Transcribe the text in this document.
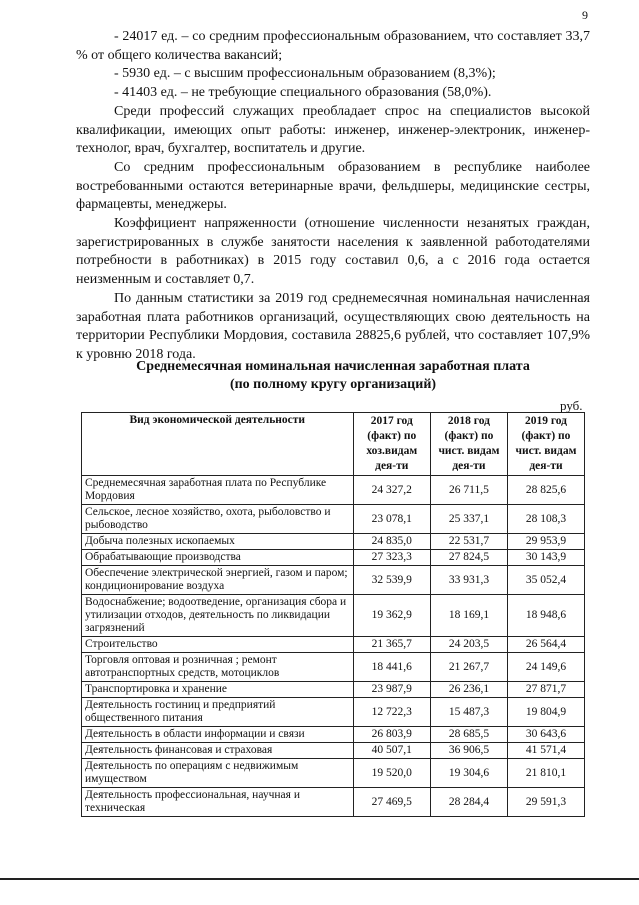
9

- 24017 ед. – со средним профессиональным образованием, что составляет 33,7 % от общего количества вакансий;

- 5930 ед. – с высшим профессиональным образованием (8,3%);

- 41403 ед. – не требующие специального образования (58,0%).

Среди профессий служащих преобладает спрос на специалистов высокой квалификации, имеющих опыт работы: инженер, инженер-электроник, инженер-технолог, врач, бухгалтер, воспитатель и другие.

Со средним профессиональным образованием в республике наиболее востребованными остаются ветеринарные врачи, фельдшеры, медицинские сестры, фармацевты, менеджеры.

Коэффициент напряженности (отношение численности незанятых граждан, зарегистрированных в службе занятости населения к заявленной работодателями потребности в работниках) в 2015 году составил 0,6, а с 2016 года остается неизменным и составляет 0,7.

По данным статистики за 2019 год среднемесячная номинальная начисленная заработная плата работников организаций, осуществляющих свою деятельность на территории Республики Мордовия, составила 28825,6 рублей, что составляет 107,9% к уровню 2018 года.

Среднемесячная номинальная начисленная заработная плата
(по полному кругу организаций)
руб.
Вид экономической деятельности	2017 год (факт) по хоз.видам дея-ти	2018 год (факт) по чист. видам дея-ти	2019 год (факт) по чист. видам дея-ти
Среднемесячная заработная плата по Республике Мордовия	24 327,2	26 711,5	28 825,6
Сельское, лесное хозяйство, охота, рыболовство и рыбоводство	23 078,1	25 337,1	28 108,3
Добыча полезных ископаемых	24 835,0	22 531,7	29 953,9
Обрабатывающие производства	27 323,3	27 824,5	30 143,9
Обеспечение электрической энергией, газом и паром; кондиционирование воздуха	32 539,9	33 931,3	35 052,4
Водоснабжение; водоотведение, организация сбора и утилизации отходов, деятельность по ликвидации загрязнений	19 362,9	18 169,1	18 948,6
Строительство	21 365,7	24 203,5	26 564,4
Торговля оптовая и розничная ; ремонт автотранспортных средств, мотоциклов	18 441,6	21 267,7	24 149,6
Транспортировка и хранение	23 987,9	26 236,1	27 871,7
Деятельность гостиниц и предприятий общественного питания	12 722,3	15 487,3	19 804,9
Деятельность в области информации и связи	26 803,9	28 685,5	30 643,6
Деятельность финансовая и страховая	40 507,1	36 906,5	41 571,4
Деятельность по операциям с недвижимым имуществом	19 520,0	19 304,6	21 810,1
Деятельность профессиональная, научная и техническая	27 469,5	28 284,4	29 591,3
